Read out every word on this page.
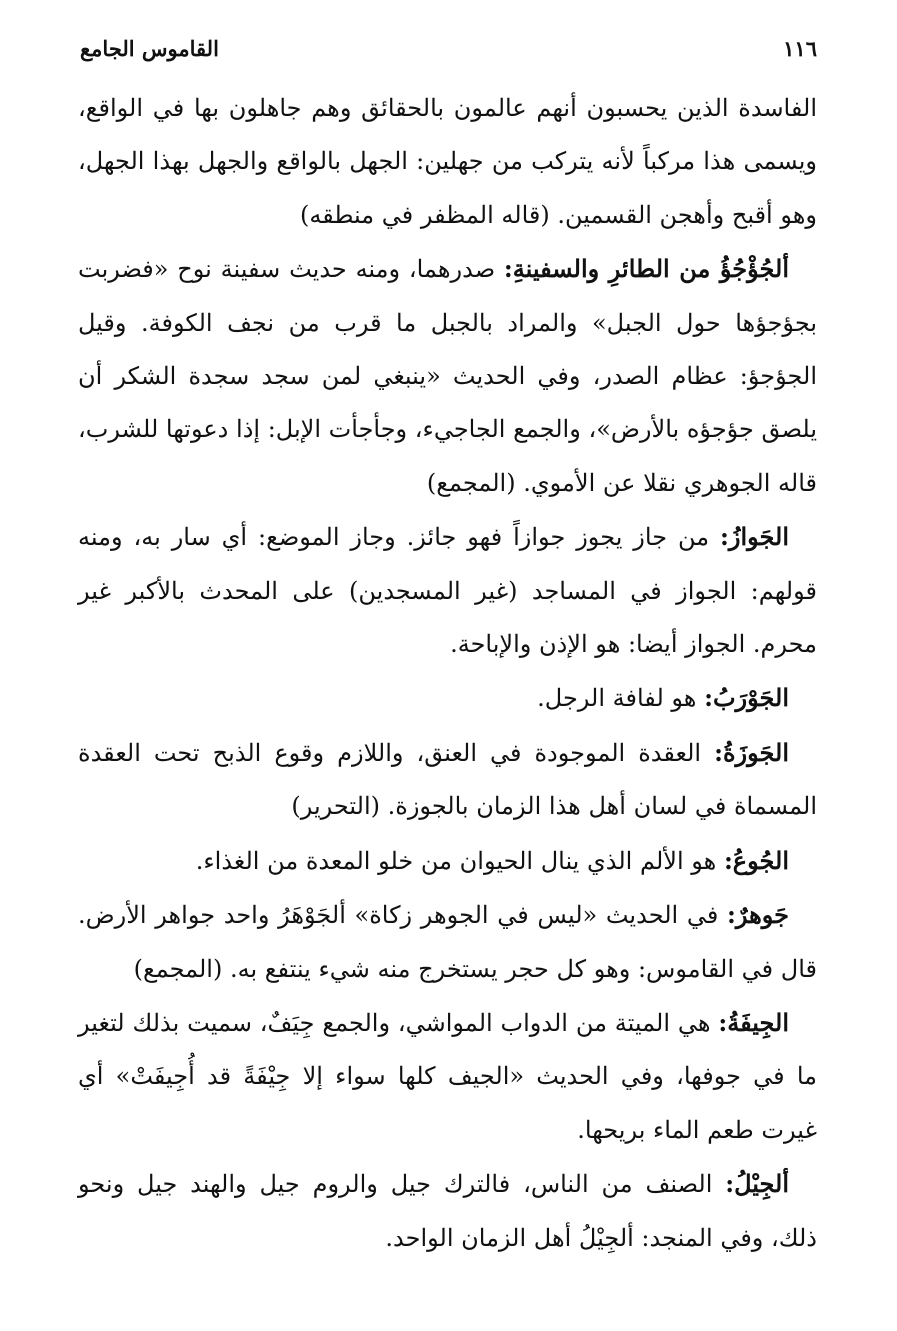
١١٦
القاموس الجامع

الفاسدة الذين يحسبون أنهم عالمون بالحقائق وهم جاهلون بها في الواقع، ويسمى هذا مركباً لأنه يتركب من جهلين: الجهل بالواقع والجهل بهذا الجهل، وهو أقبح وأهجن القسمين. (قاله المظفر في منطقه)

ألجُؤْجُؤُ من الطائرِ والسفينةِ: صدرهما، ومنه حديث سفينة نوح «فضربت بجؤجؤها حول الجبل» والمراد بالجبل ما قرب من نجف الكوفة. وقيل الجؤجؤ: عظام الصدر، وفي الحديث «ينبغي لمن سجد سجدة الشكر أن يلصق جؤجؤه بالأرض»، والجمع الجاجيء، وجأجأت الإبل: إذا دعوتها للشرب، قاله الجوهري نقلا عن الأموي. (المجمع)

الجَوازُ: من جاز يجوز جوازاً فهو جائز. وجاز الموضع: أي سار به، ومنه قولهم: الجواز في المساجد (غير المسجدين) على المحدث بالأكبر غير محرم. الجواز أيضا: هو الإذن والإباحة.

الجَوْرَبُ: هو لفافة الرجل.

الجَوزَةُ: العقدة الموجودة في العنق، واللازم وقوع الذبح تحت العقدة المسماة في لسان أهل هذا الزمان بالجوزة. (التحرير)

الجُوعُ: هو الألم الذي ينال الحيوان من خلو المعدة من الغذاء.

جَوهرٌ: في الحديث «ليس في الجوهر زكاة» ألجَوْهَرُ واحد جواهر الأرض. قال في القاموس: وهو كل حجر يستخرج منه شيء ينتفع به. (المجمع)

الجِيفَةُ: هي الميتة من الدواب المواشي، والجمع جِيَفٌ، سميت بذلك لتغير ما في جوفها، وفي الحديث «الجيف كلها سواء إلا جِيْفَةً قد أُجِيفَتْ» أي غيرت طعم الماء بريحها.

ألجِيْلُ: الصنف من الناس، فالترك جيل والروم جيل والهند جيل ونحو ذلك، وفي المنجد: ألجِيْلُ أهل الزمان الواحد.
